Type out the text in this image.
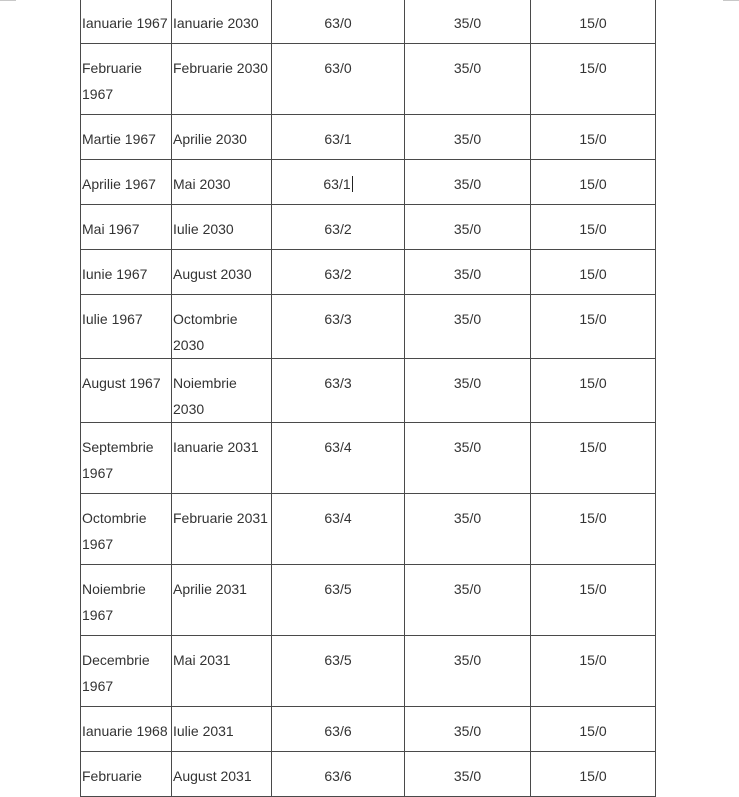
Ianuarie 1967	Ianuarie 2030	63/0	35/0	15/0
Februarie 1967	Februarie 2030	63/0	35/0	15/0
Martie 1967	Aprilie 2030	63/1	35/0	15/0
Aprilie 1967	Mai 2030	63/1	35/0	15/0
Mai 1967	Iulie 2030	63/2	35/0	15/0
Iunie 1967	August 2030	63/2	35/0	15/0
Iulie 1967	Octombrie 2030	63/3	35/0	15/0
August 1967	Noiembrie 2030	63/3	35/0	15/0
Septembrie 1967	Ianuarie 2031	63/4	35/0	15/0
Octombrie 1967	Februarie 2031	63/4	35/0	15/0
Noiembrie 1967	Aprilie 2031	63/5	35/0	15/0
Decembrie 1967	Mai 2031	63/5	35/0	15/0
Ianuarie 1968	Iulie 2031	63/6	35/0	15/0
Februarie	August 2031	63/6	35/0	15/0
